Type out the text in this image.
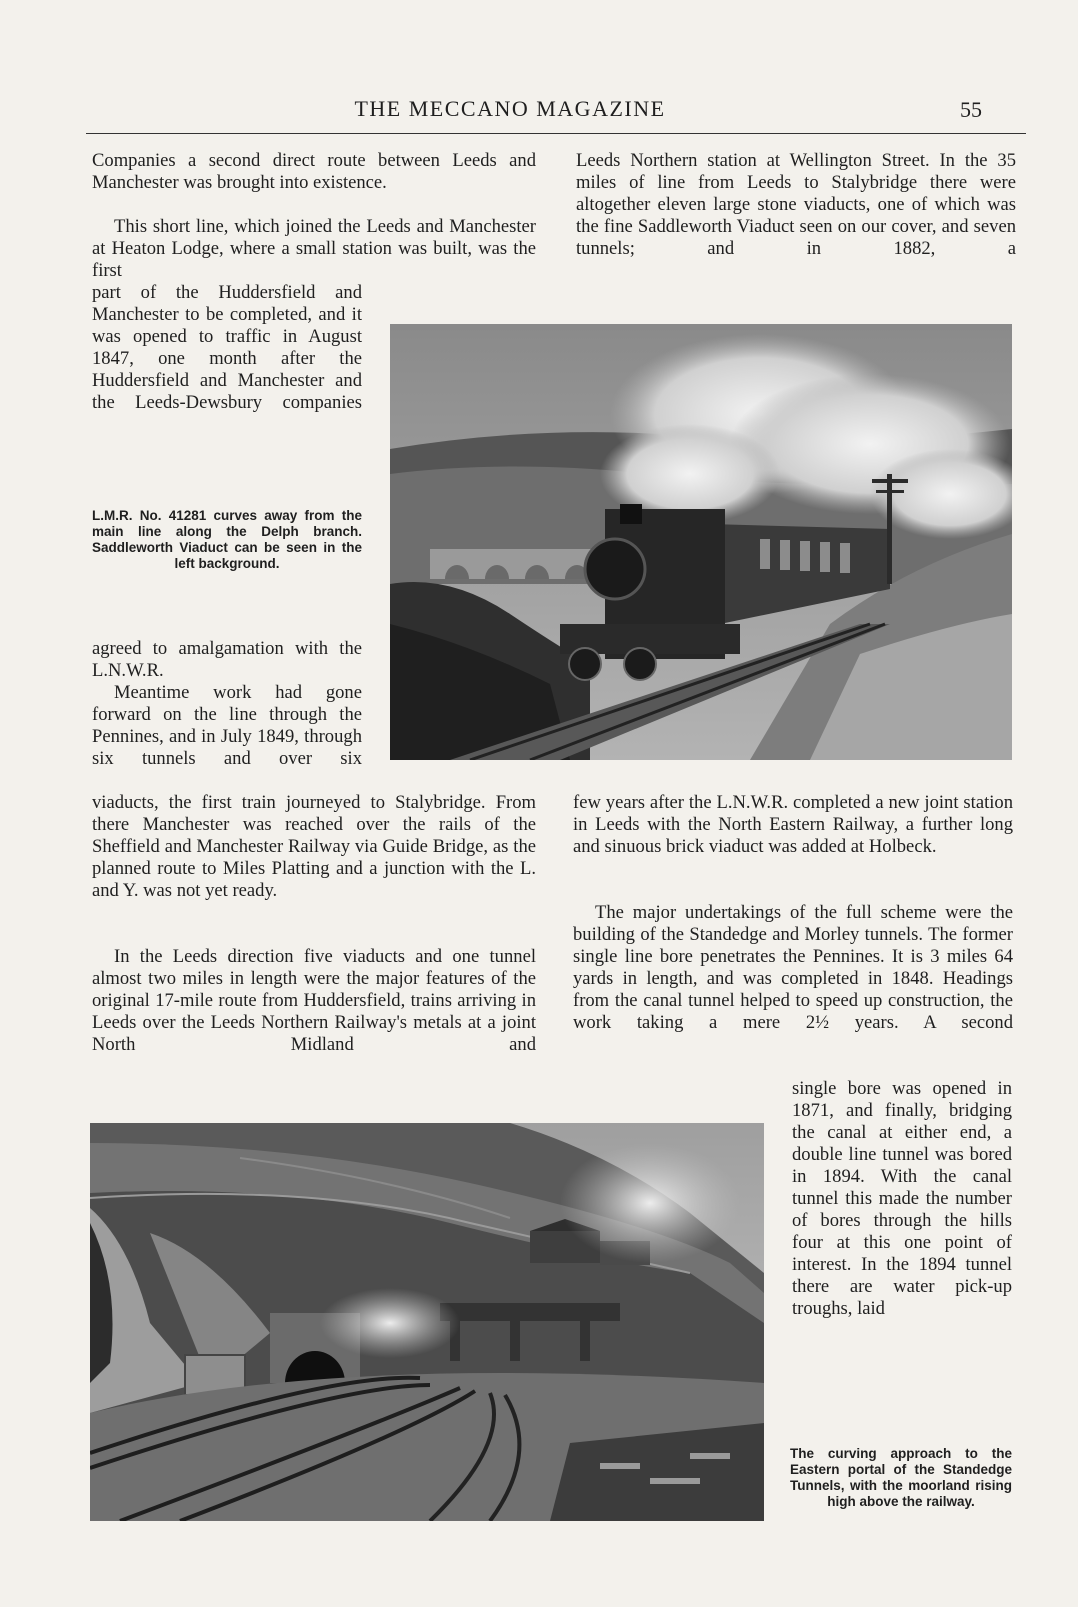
THE MECCANO MAGAZINE	55

Companies a second direct route between Leeds and Manchester was brought into existence.

This short line, which joined the Leeds and Manchester at Heaton Lodge, where a small station was built, was the first

part of the Huddersfield and Manchester to be completed, and it was opened to traffic in August 1847, one month after the Huddersfield and Manchester and the Leeds-Dewsbury companies

L.M.R. No. 41281 curves away from the main line along the Delph branch. Saddleworth Viaduct can be seen in the left background.

agreed to amalgamation with the L.N.W.R.

Meantime work had gone forward on the line through the Pennines, and in July 1849, through six tunnels and over six

viaducts, the first train journeyed to Stalybridge. From there Manchester was reached over the rails of the Sheffield and Manchester Railway via Guide Bridge, as the planned route to Miles Platting and a junction with the L. and Y. was not yet ready.

In the Leeds direction five viaducts and one tunnel almost two miles in length were the major features of the original 17-mile route from Huddersfield, trains arriving in Leeds over the Leeds Northern Railway's metals at a joint North Midland and

Leeds Northern station at Wellington Street. In the 35 miles of line from Leeds to Stalybridge there were altogether eleven large stone viaducts, one of which was the fine Saddleworth Viaduct seen on our cover, and seven tunnels; and in 1882, a

few years after the L.N.W.R. completed a new joint station in Leeds with the North Eastern Railway, a further long and sinuous brick viaduct was added at Holbeck.

The major undertakings of the full scheme were the building of the Standedge and Morley tunnels. The former single line bore penetrates the Pennines. It is 3 miles 64 yards in length, and was completed in 1848. Headings from the canal tunnel helped to speed up construction, the work taking a mere 2½ years. A second

single bore was opened in 1871, and finally, bridging the canal at either end, a double line tunnel was bored in 1894. With the canal tunnel this made the number of bores through the hills four at this one point of interest. In the 1894 tunnel there are water pick-up troughs, laid

The curving approach to the Eastern portal of the Standedge Tunnels, with the moorland rising high above the railway.
